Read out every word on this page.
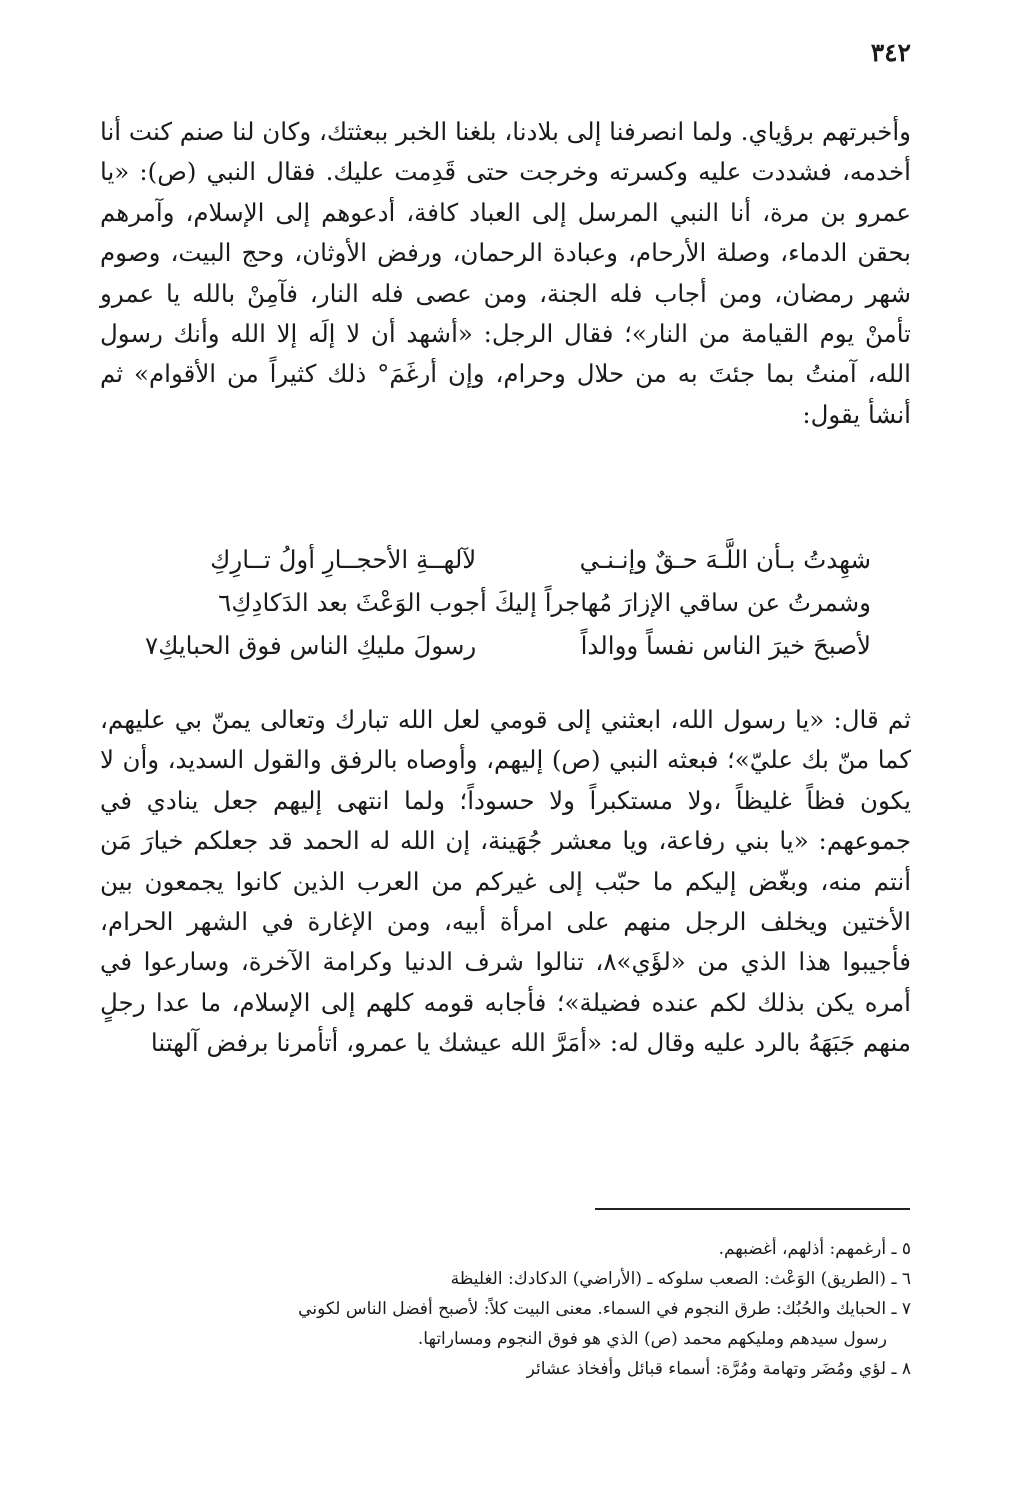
٣٤٢

وأخبرتهم برؤياي. ولما انصرفنا إلى بلادنا، بلغنا الخبر ببعثتك، وكان لنا صنم كنت أنا أخدمه، فشددت عليه وكسرته وخرجت حتى قَدِمت عليك. فقال النبي (ص): «يا عمرو بن مرة، أنا النبي المرسل إلى العباد كافة، أدعوهم إلى الإسلام، وآمرهم بحقن الدماء، وصلة الأرحام، وعبادة الرحمان، ورفض الأوثان، وحج البيت، وصوم شهر رمضان، ومن أجاب فله الجنة، ومن عصى فله النار، فآمِنْ بالله يا عمرو تأمنْ يوم القيامة من النار»؛ فقال الرجل: «أشهد أن لا إلَه إلا الله وأنك رسول الله، آمنتُ بما جئتَ به من حلال وحرام، وإن أرغَمَ° ذلك كثيراً من الأقوام» ثم أنشأ يقول:

شهِدتُ بـأن اللَّـهَ حـقٌ وإنـنـيلآلهــةِ الأحجــارِ أولُ تــارِكِ
وشمرتُ عن ساقي الإزارَ مُهاجراً إليكَ أجوب الوَعْثَ بعد الدَكادِكِ٦
لأصبحَ خيرَ الناس نفساً ووالداًرسولَ مليكِ الناس فوق الحبايكِ٧

ثم قال: «يا رسول الله، ابعثني إلى قومي لعل الله تبارك وتعالى يمنّ بي عليهم، كما منّ بك عليّ»؛ فبعثه النبي (ص) إليهم، وأوصاه بالرفق والقول السديد، وأن لا يكون فظاً غليظاً ،ولا مستكبراً ولا حسوداً؛ ولما انتهى إليهم جعل ينادي في جموعهم: «يا بني رفاعة، ويا معشر جُهَينة، إن الله له الحمد قد جعلكم خيارَ مَن أنتم منه، وبغّض إليكم ما حبّب إلى غيركم من العرب الذين كانوا يجمعون بين الأختين ويخلف الرجل منهم على امرأة أبيه، ومن الإغارة في الشهر الحرام، فأجيبوا هذا الذي من «لؤَي»٨، تنالوا شرف الدنيا وكرامة الآخرة، وسارعوا في أمره يكن بذلك لكم عنده فضيلة»؛ فأجابه قومه كلهم إلى الإسلام، ما عدا رجلٍ منهم جَبَهَهُ بالرد عليه وقال له: «أمَرَّ الله عيشك يا عمرو، أتأمرنا برفض آلهتنا

٥ ـ أرغمهم: أذلهم، أغضبهم.

٦ ـ (الطريق) الوَعْث: الصعب سلوكه ـ (الأراضي) الدكادك: الغليظة

٧ ـ الحبايك والحُبُك: طرق النجوم في السماء. معنى البيت كلاً: لأصبح أفضل الناس لكوني

رسول سيدهم ومليكهم محمد (ص) الذي هو فوق النجوم ومساراتها.

٨ ـ لؤي ومُضَر وتهامة ومُرَّة: أسماء قبائل وأفخاذ عشائر
